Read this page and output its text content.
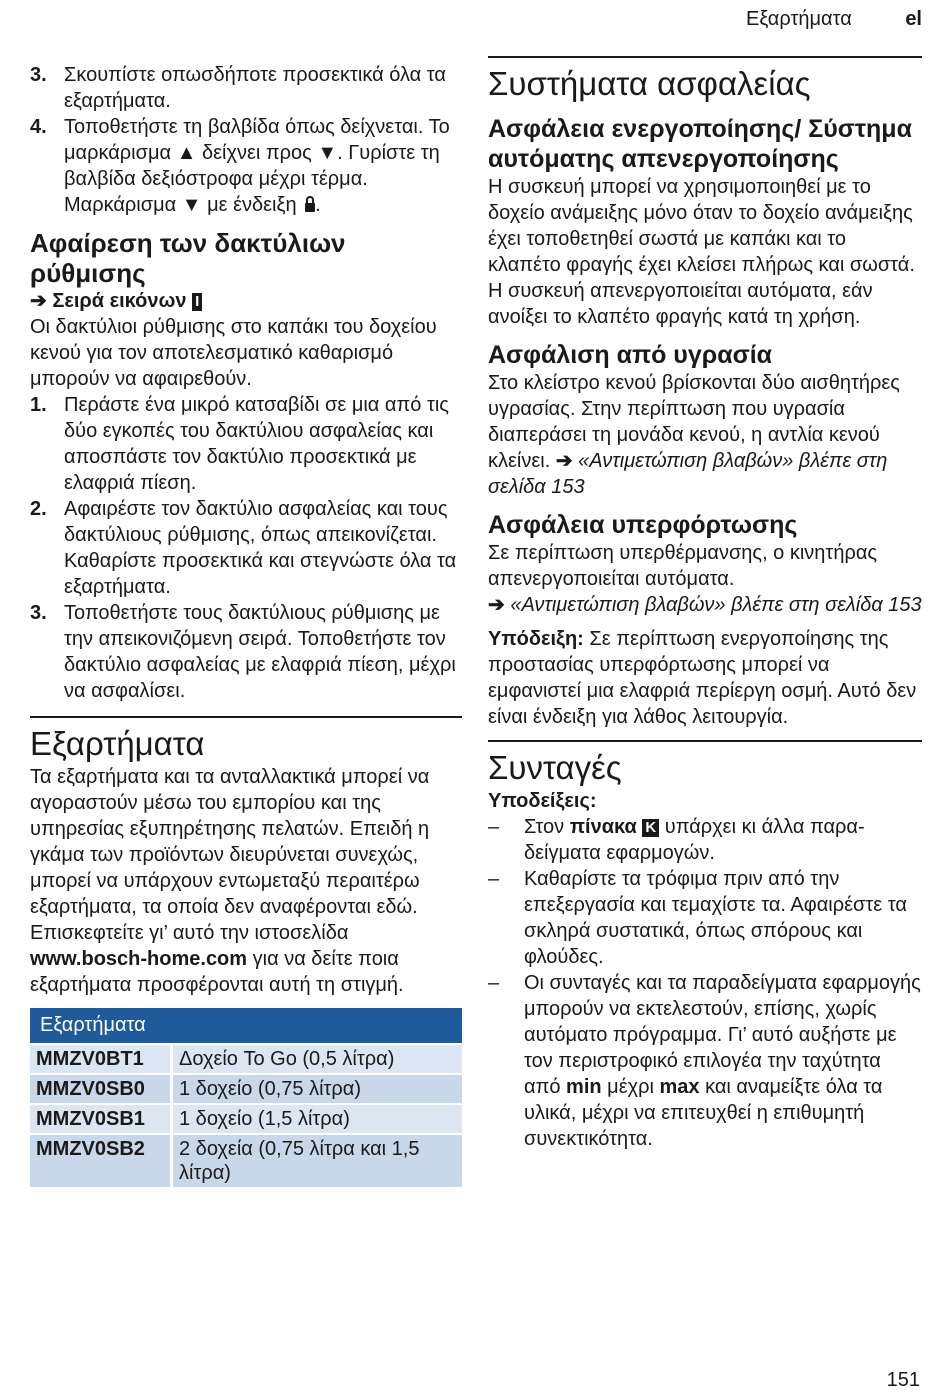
Εξαρτήματα	el
3. Σκουπίστε οπωσδήποτε προσεκτικά όλα τα εξαρτήματα.
4. Τοποθετήστε τη βαλβίδα όπως δείχνεται. Το μαρκάρισμα ▲ δείχνει προς ▼. Γυρίστε τη βαλβίδα δεξιόστροφα μέχρι τέρμα. Μαρκάρισμα ▼ με ένδειξη .
Αφαίρεση των δακτύλιων ρύθμισης
➔ Σειρά εικόνων I

Οι δακτύλιοι ρύθμισης στο καπάκι του δοχείου κενού για τον αποτελεσματικό καθαρισμό μπορούν να αφαιρεθούν.

1. Περάστε ένα μικρό κατσαβίδι σε μια από τις δύο εγκοπές του δακτύλιου ασφαλείας και αποσπάστε τον δακτύλιο προσεκτικά με ελαφριά πίεση.
2. Αφαιρέστε τον δακτύλιο ασφαλείας και τους δακτύλιους ρύθμισης, όπως απεικονίζεται. Καθαρίστε προσεκτικά και στεγνώστε όλα τα εξαρτήματα.
3. Τοποθετήστε τους δακτύλιους ρύθμισης με την απεικονιζόμενη σειρά. Τοποθετήστε τον δακτύλιο ασφαλείας με ελαφριά πίεση, μέχρι να ασφαλίσει.
Εξαρτήματα

Τα εξαρτήματα και τα ανταλλακτικά μπορεί να αγοραστούν μέσω του εμπορίου και της υπηρεσίας εξυπηρέτησης πελατών. Επειδή η γκάμα των προϊόντων διευρύνεται συνεχώς, μπορεί να υπάρχουν εντωμεταξύ περαιτέρω εξαρτήματα, τα οποία δεν αναφέρονται εδώ. Επισκεφτείτε γι’ αυτό την ιστοσελίδα www.bosch-home.com για να δείτε ποια εξαρτήματα προσφέρονται αυτή τη στιγμή.

Εξαρτήματα	
MMZV0BT1	Δοχείο To Go (0,5 λίτρα)
MMZV0SB0	1 δοχείο (0,75 λίτρα)
MMZV0SB1	1 δοχείο (1,5 λίτρα)
MMZV0SB2	2 δοχεία (0,75 λίτρα και 1,5 λίτρα)
Συστήματα ασφαλείας
Ασφάλεια ενεργοποίησης/ Σύστημα αυτόματης απενεργοποίησης

Η συσκευή μπορεί να χρησιμοποιηθεί με το δοχείο ανάμειξης μόνο όταν το δοχείο ανάμειξης έχει τοποθετηθεί σωστά με καπάκι και το κλαπέτο φραγής έχει κλείσει πλήρως και σωστά. Η συσκευή απενεργοποιείται αυτόματα, εάν ανοίξει το κλαπέτο φραγής κατά τη χρήση.

Ασφάλιση από υγρασία

Στο κλείστρο κενού βρίσκονται δύο αισθητήρες υγρασίας. Στην περίπτωση που υγρασία διαπεράσει τη μονάδα κενού, η αντλία κενού κλείνει. ➔ «Αντιμετώπιση βλαβών» βλέπε στη σελίδα 153

Ασφάλεια υπερφόρτωσης

Σε περίπτωση υπερθέρμανσης, ο κινητήρας απενεργοποιείται αυτόματα.
➔ «Αντιμετώπιση βλαβών» βλέπε στη σελίδα 153

Υπόδειξη: Σε περίπτωση ενεργοποίησης της προστασίας υπερφόρτωσης μπορεί να εμφανιστεί μια ελαφριά περίεργη οσμή. Αυτό δεν είναι ένδειξη για λάθος λειτουργία.

Συνταγές
Υποδείξεις:
–	Στον πίνακα K υπάρχει κι άλλα παρα-δείγματα εφαρμογών.
–	Καθαρίστε τα τρόφιμα πριν από την επεξεργασία και τεμαχίστε τα. Αφαιρέστε τα σκληρά συστατικά, όπως σπόρους και φλούδες.
–	Οι συνταγές και τα παραδείγματα εφαρμογής μπορούν να εκτελεστούν, επίσης, χωρίς αυτόματο πρόγραμμα. Γι’ αυτό αυξήστε με τον περιστροφικό επιλογέα την ταχύτητα από min μέχρι max και αναμείξτε όλα τα υλικά, μέχρι να επιτευχθεί η επιθυμητή συνεκτικότητα.
151
